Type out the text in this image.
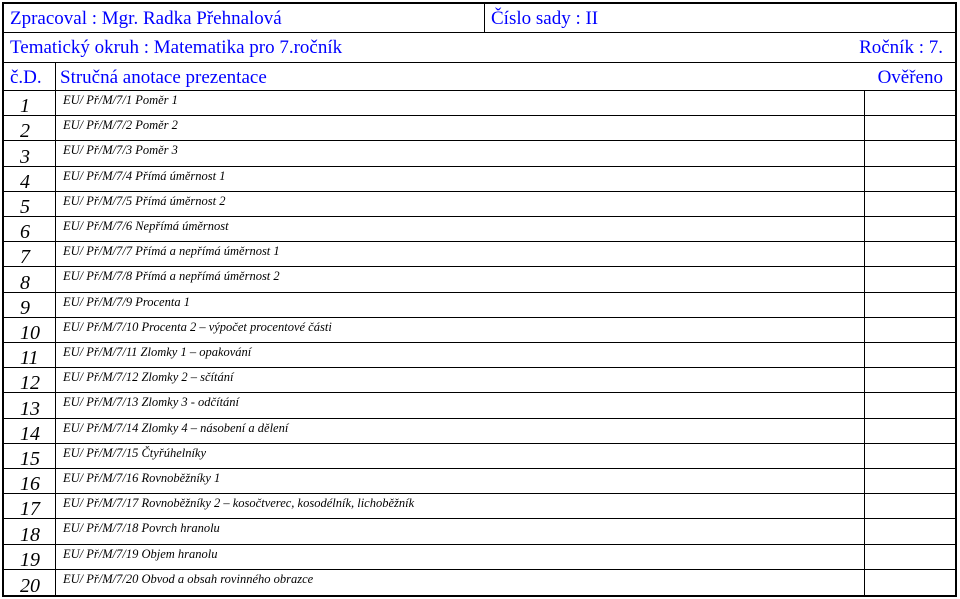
Zpracoval : Mgr. Radka Přehnalová	Číslo sady : II
Tematický okruh : Matematika pro 7.ročník	Ročník : 7.
č.D. Stručná anotace prezentace	Ověřeno
1	EU/ Př/M/7/1 Poměr 1
2	EU/ Př/M/7/2 Poměr 2
3	EU/ Př/M/7/3 Poměr 3
4	EU/ Př/M/7/4 Přímá úměrnost 1
5	EU/ Př/M/7/5 Přímá úměrnost 2
6	EU/ Př/M/7/6 Nepřímá úměrnost
7	EU/ Př/M/7/7 Přímá a nepřímá úměrnost 1
8	EU/ Př/M/7/8 Přímá a nepřímá úměrnost 2
9	EU/ Př/M/7/9 Procenta 1
10 EU/ Př/M/7/10 Procenta 2 – výpočet procentové části
11 EU/ Př/M/7/11 Zlomky 1 – opakování
12 EU/ Př/M/7/12 Zlomky 2 – sčítání
13 EU/ Př/M/7/13 Zlomky 3 - odčítání
14 EU/ Př/M/7/14 Zlomky 4 – násobení a dělení
15 EU/ Př/M/7/15 Čtyřúhelníky
16 EU/ Př/M/7/16 Rovnoběžníky 1
17 EU/ Př/M/7/17 Rovnoběžníky 2 – kosočtverec, kosodélník, lichoběžník
18 EU/ Př/M/7/18 Povrch hranolu
19 EU/ Př/M/7/19 Objem hranolu
20 EU/ Př/M/7/20 Obvod a obsah rovinného obrazce
